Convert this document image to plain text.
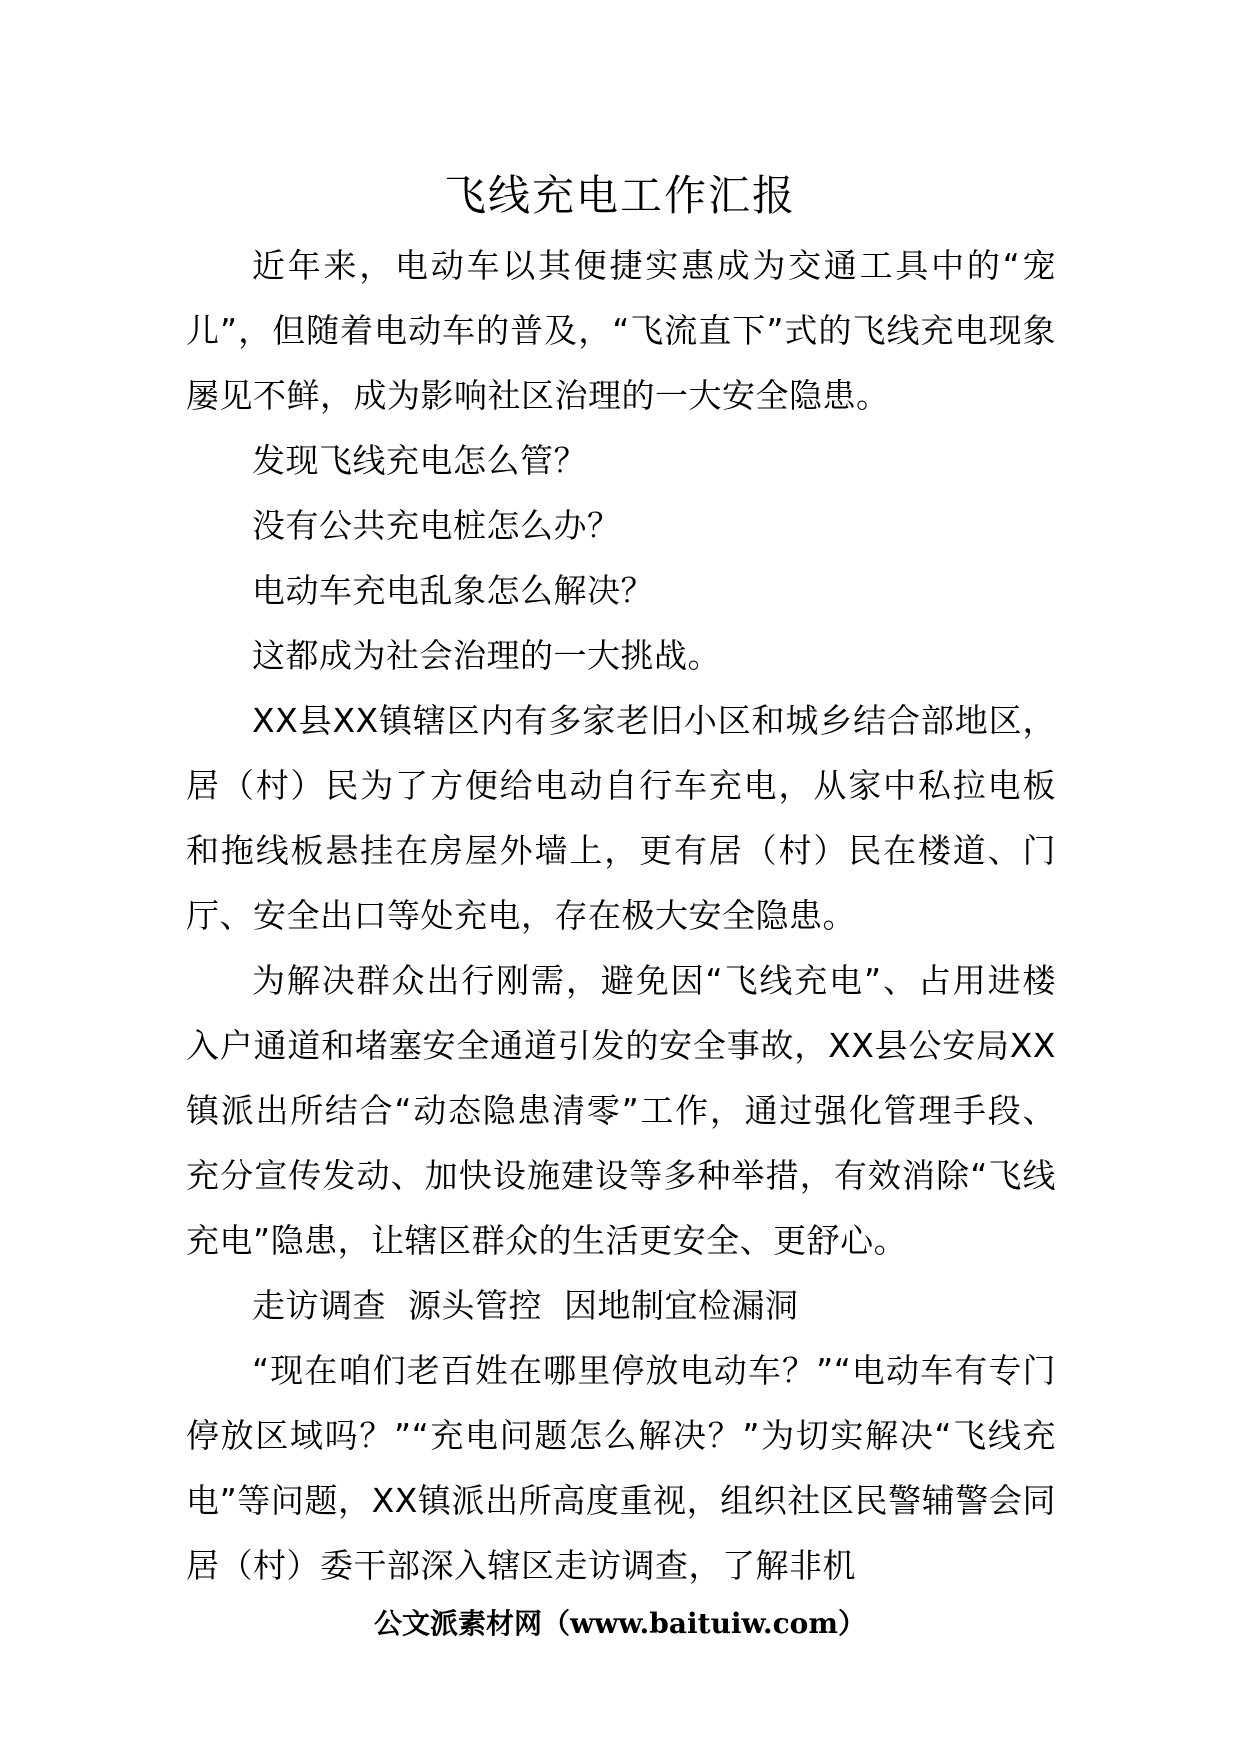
飞线充电工作汇报

近年来，电动车以其便捷实惠成为交通工具中的“宠儿”，但随着电动车的普及，“飞流直下”式的飞线充电现象屡见不鲜，成为影响社区治理的一大安全隐患。

发现飞线充电怎么管？

没有公共充电桩怎么办？

电动车充电乱象怎么解决？

这都成为社会治理的一大挑战。

XX县XX镇辖区内有多家老旧小区和城乡结合部地区，居（村）民为了方便给电动自行车充电，从家中私拉电板和拖线板悬挂在房屋外墙上，更有居（村）民在楼道、门厅、安全出口等处充电，存在极大安全隐患。

为解决群众出行刚需，避免因“飞线充电”、占用进楼入户通道和堵塞安全通道引发的安全事故，XX县公安局XX镇派出所结合“动态隐患清零”工作，通过强化管理手段、充分宣传发动、加快设施建设等多种举措，有效消除“飞线充电”隐患，让辖区群众的生活更安全、更舒心。

走访调查  源头管控  因地制宜检漏洞

“现在咱们老百姓在哪里停放电动车？”“电动车有专门停放区域吗？”“充电问题怎么解决？”为切实解决“飞线充电”等问题，XX镇派出所高度重视，组织社区民警辅警会同居（村）委干部深入辖区走访调查，了解非机

公文派素材网（www.baituiw.com）
